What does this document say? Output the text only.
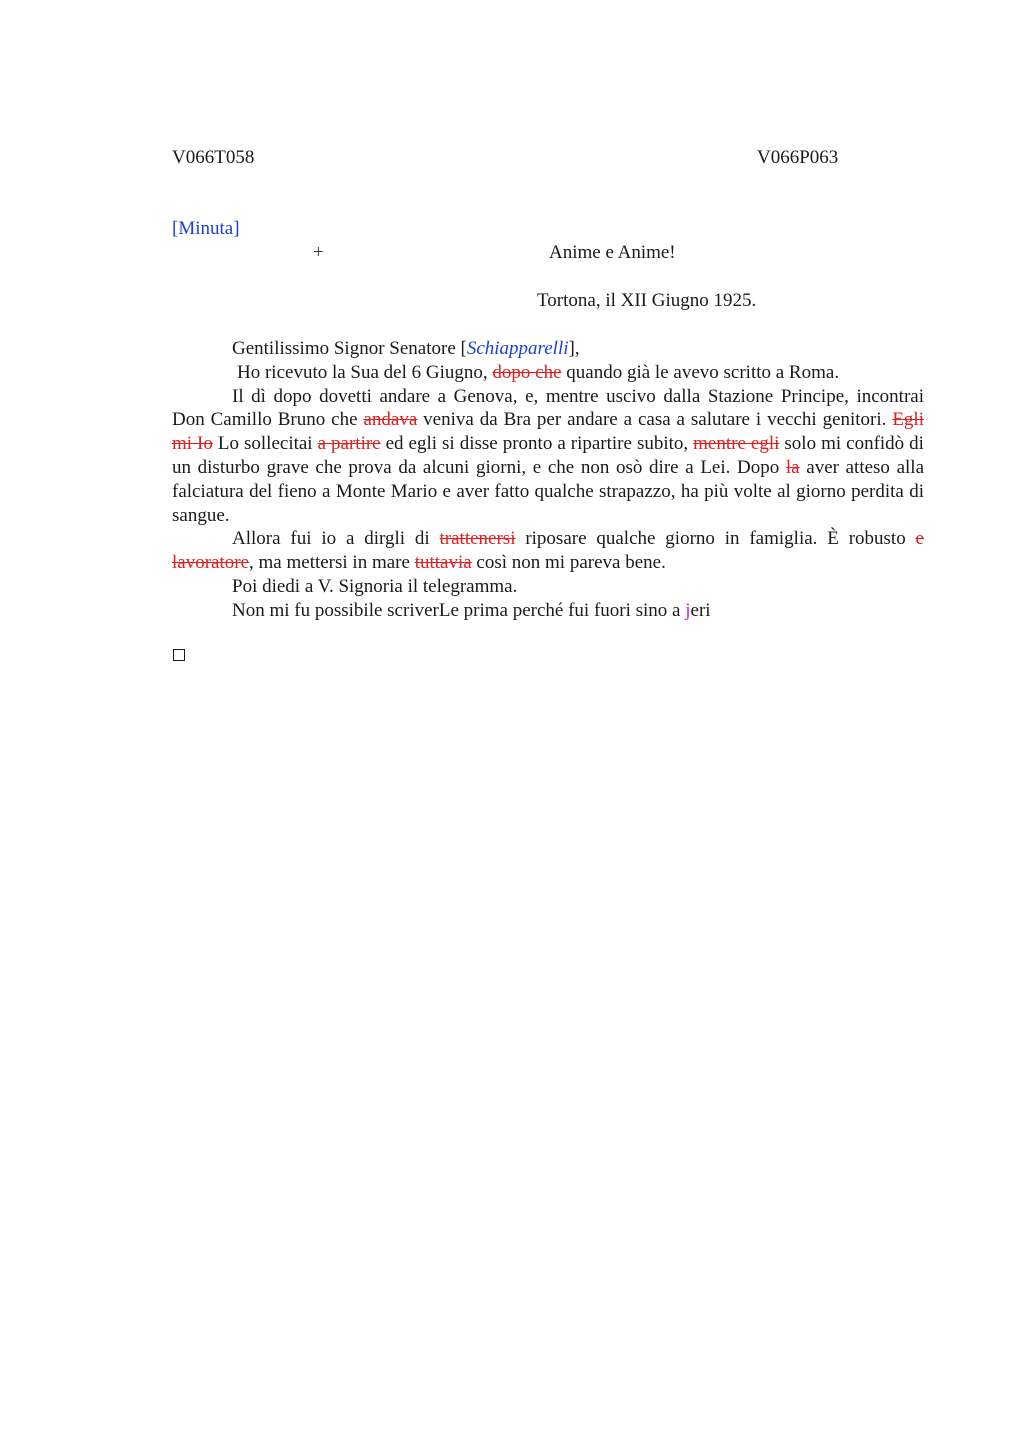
V066T058	V066P063
[Minuta]
+	Anime e Anime!
Tortona, il XII Giugno 1925.

Gentilissimo Signor Senatore [Schiapparelli],

Ho ricevuto la Sua del 6 Giugno, dopo che quando già le avevo scritto a Roma.

Il dì dopo dovetti andare a Genova, e, mentre uscivo dalla Stazione Principe, incontrai Don Camillo Bruno che andava veniva da Bra per andare a casa a salutare i vecchi genitori. Egli mi Io Lo sollecitai a partire ed egli si disse pronto a ripartire subito, mentre egli solo mi confidò di un disturbo grave che prova da alcuni giorni, e che non osò dire a Lei. Dopo la aver atteso alla falciatura del fieno a Monte Mario e aver fatto qualche strapazzo, ha più volte al giorno perdita di sangue.

Allora fui io a dirgli di trattenersi riposare qualche giorno in famiglia. È robusto e lavoratore, ma mettersi in mare tuttavia così non mi pareva bene.

Poi diedi a V. Signoria il telegramma.

Non mi fu possibile scriverLe prima perché fui fuori sino a jeri
